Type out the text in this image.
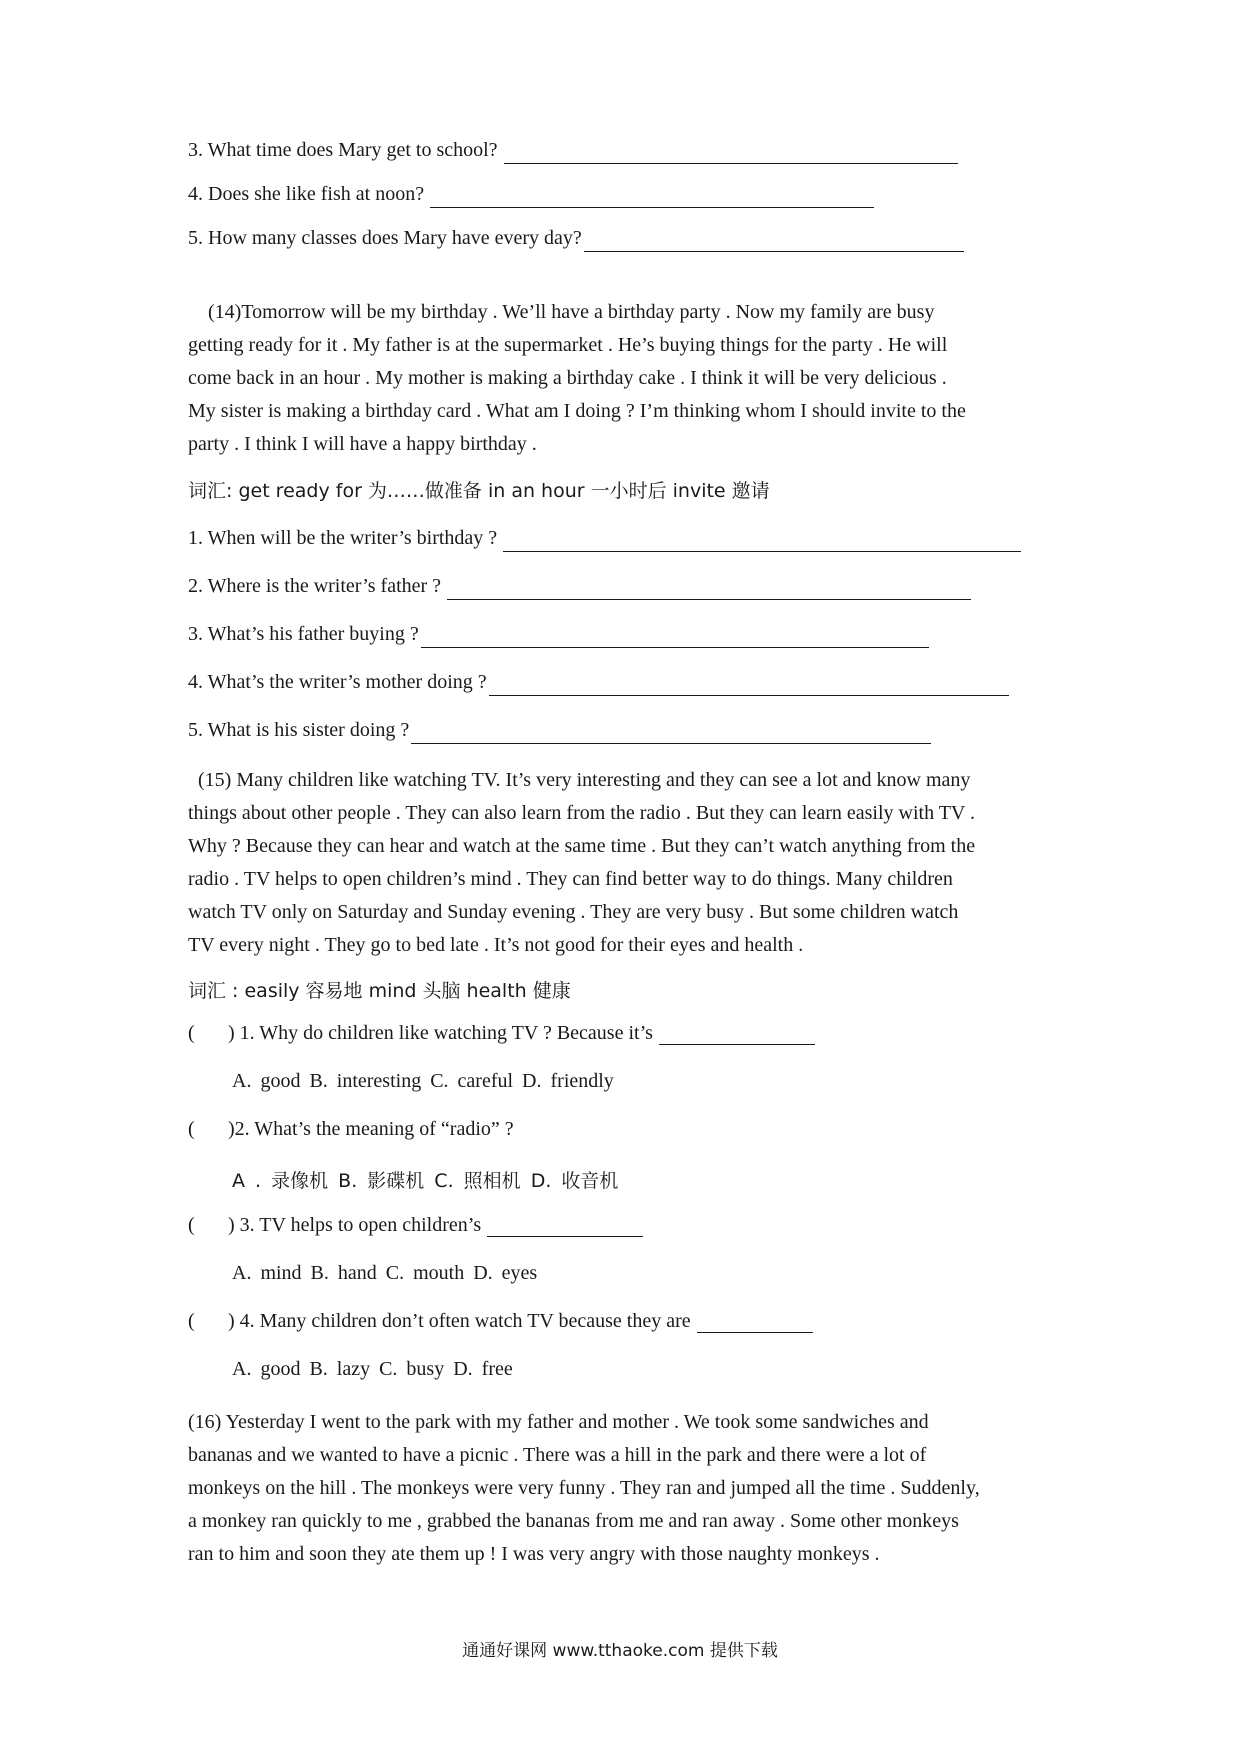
3. What time does Mary get to school?
4. Does she like fish at noon?
5. How many classes does Mary have every day?
(14)Tomorrow will be my birthday . We’ll have a birthday party . Now my family are busy
getting ready for it . My father is at the supermarket . He’s buying things for the party . He will
come back in an hour . My mother is making a birthday cake . I think it will be very delicious .
My sister is making a birthday card . What am I doing ? I’m thinking whom I should invite to the
party . I think I will have a happy birthday .
词汇: get ready for 为……做准备 in an hour 一小时后 invite 邀请
1. When will be the writer’s birthday ?
2. Where is the writer’s father ?
3. What’s his father buying ?
4. What’s the writer’s mother doing ?
5. What is his sister doing ?
(15) Many children like watching TV. It’s very interesting and they can see a lot and know many
things about other people . They can also learn from the radio . But they can learn easily with TV .
Why ? Because they can hear and watch at the same time . But they can’t watch anything from the
radio . TV helps to open children’s mind . They can find better way to do things. Many children
watch TV only on Saturday and Sunday evening . They are very busy . But some children watch
TV every night . They go to bed late . It’s not good for their eyes and health .
词汇 : easily 容易地 mind 头脑 health 健康
(	) 1. Why do children like watching TV ? Because it’s
A. good B. interesting C. careful D. friendly
(	)2. What’s the meaning of “radio” ?
A . 录像机 B. 影碟机 C. 照相机 D. 收音机
(	) 3. TV helps to open children’s
A. mind B. hand C. mouth D. eyes
(	) 4. Many children don’t often watch TV because they are
A. good B. lazy C. busy D. free
(16) Yesterday I went to the park with my father and mother . We took some sandwiches and
bananas and we wanted to have a picnic . There was a hill in the park and there were a lot of
monkeys on the hill . The monkeys were very funny . They ran and jumped all the time . Suddenly,
a monkey ran quickly to me , grabbed the bananas from me and ran away . Some other monkeys
ran to him and soon they ate them up ! I was very angry with those naughty monkeys .
通通好课网 www.tthaoke.com 提供下载
